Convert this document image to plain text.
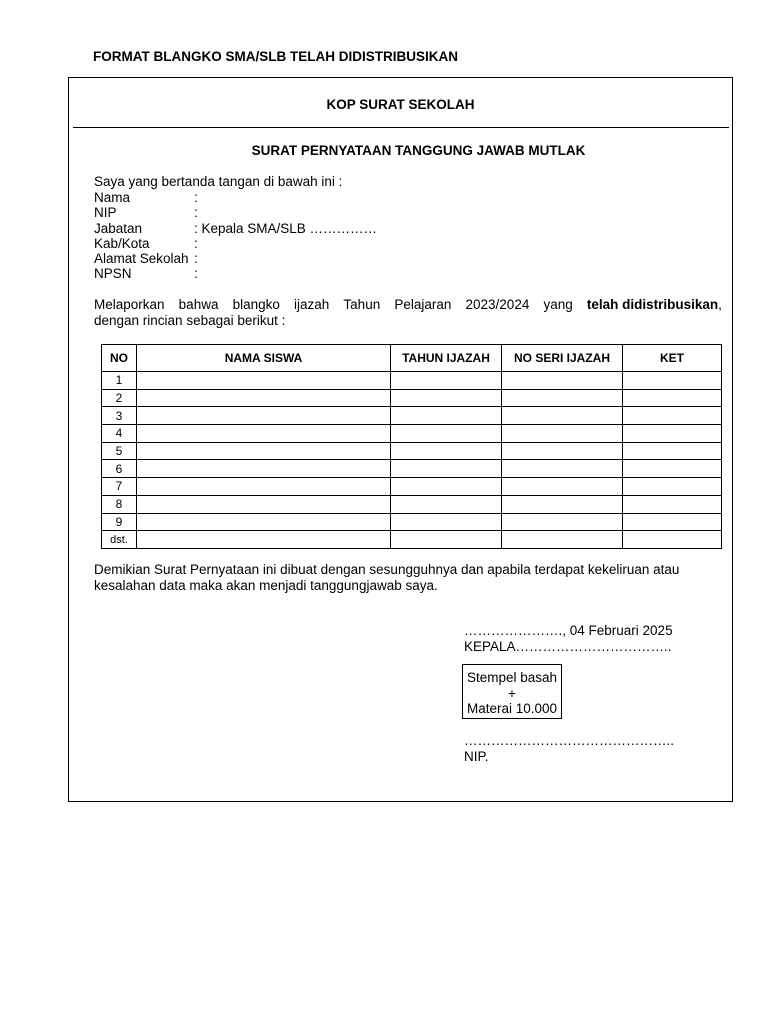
FORMAT BLANGKO SMA/SLB TELAH DIDISTRIBUSIKAN
KOP SURAT SEKOLAH
SURAT PERNYATAAN TANGGUNG JAWAB MUTLAK
Saya yang bertanda tangan di bawah ini :
Nama	:
NIP	:
Jabatan	: Kepala SMA/SLB ……………
Kab/Kota	:
Alamat Sekolah :
NPSN	:
Melaporkan bahwa blangko ijazah Tahun Pelajaran 2023/2024 yang telah didistribusikan,
dengan rincian sebagai berikut :
NO	NAMA SISWA	TAHUN IJAZAH	NO SERI IJAZAH	KET
1				
2				
3				
4				
5				
6				
7				
8				
9				
dst.				
Demikian Surat Pernyataan ini dibuat dengan sesungguhnya dan apabila terdapat kekeliruan atau kesalahan data maka akan menjadi tanggungjawab saya.
…………………., 04 Februari 2025
KEPALA……………………………..
Stempel basah
+
Materai 10.000
………………………………………..
NIP.
